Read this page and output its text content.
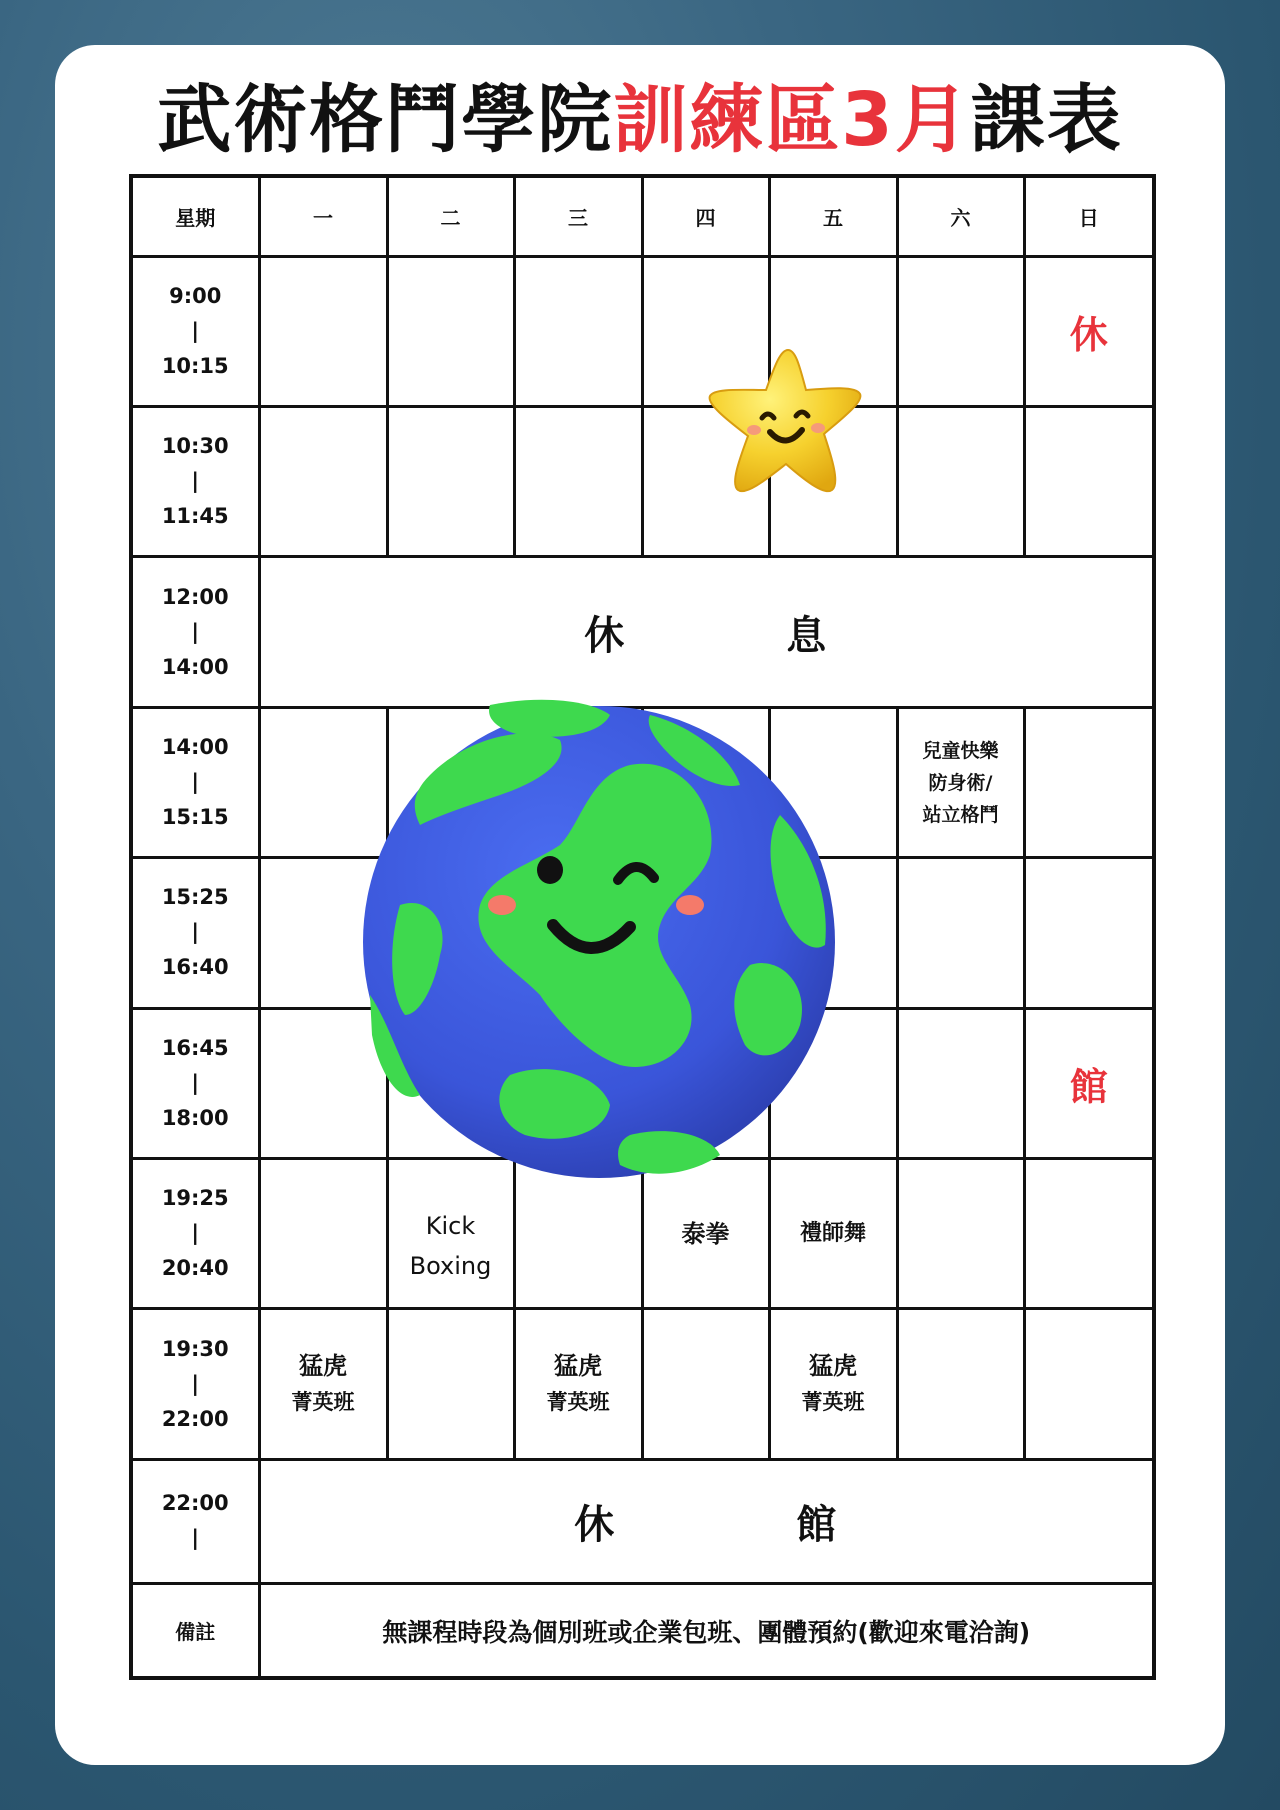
武術格鬥學院訓練區3月課表
星期	一	二	三	四	五	六	日

9:00
|
10:15							休

10:30
|
11:45							

12:00
|
14:00	休 息						

14:00
|
15:15						兒童快樂
防身術/
站立格鬥	

15:25
|
16:40							

16:45
|
18:00							館

19:25
|
20:40		Kick
Boxing		泰拳	禮師舞		

19:30
|
22:00	猛虎
菁英班		猛虎
菁英班		猛虎
菁英班		

22:00
|	休 館						
備註	無課程時段為個別班或企業包班、團體預約(歡迎來電洽詢)						
